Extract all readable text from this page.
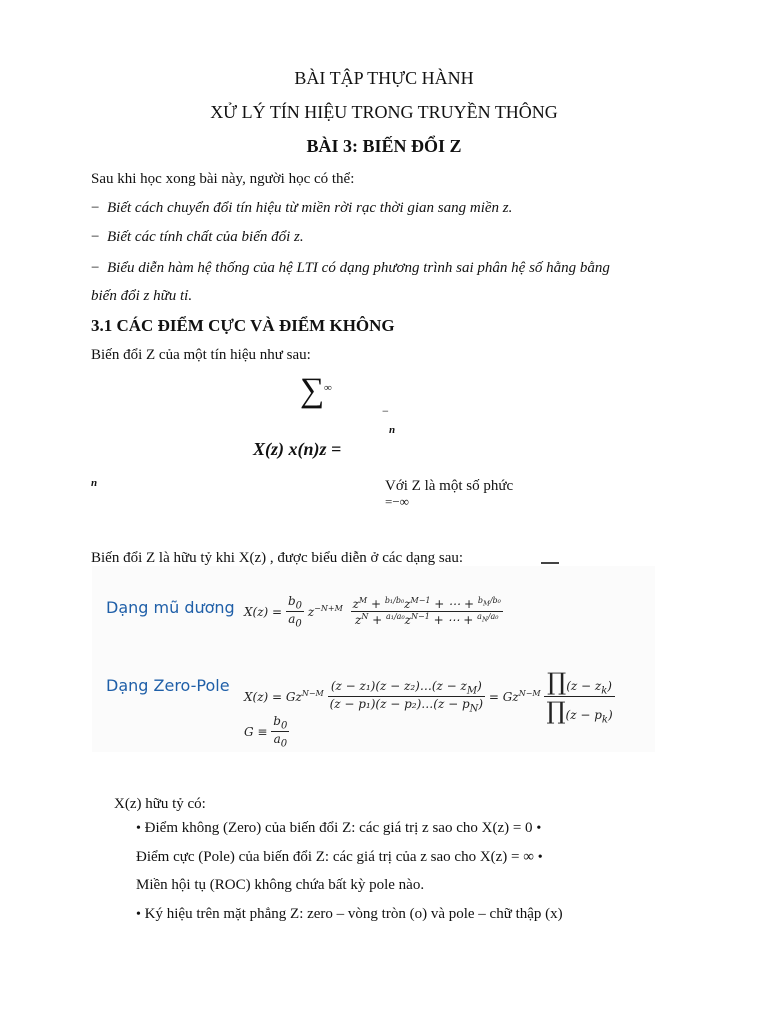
BÀI TẬP THỰC HÀNH
XỬ LÝ TÍN HIỆU TRONG TRUYỀN THÔNG
BÀI 3: BIẾN ĐỔI Z
Sau khi học xong bài này, người học có thể:
− Biết cách chuyển đổi tín hiệu từ miền rời rạc thời gian sang miền z.
− Biết các tính chất của biến đổi z.
− Biểu diễn hàm hệ thống của hệ LTI có dạng phương trình sai phân hệ số hằng bằng
biến đổi z hữu tỉ.
3.1 CÁC ĐIỂM CỰC VÀ ĐIỂM KHÔNG
Biến đổi Z của một tín hiệu như sau:
∑ ∞
−
n
X(z) x(n)z =
n	Với Z là một số phức
=−∞
Biến đổi Z là hữu tỷ khi X(z) , được biểu diễn ở các dạng sau:
Dạng mũ dương $X(z) = \frac{b_0}{a_0} z^{-N+M} \frac{z^M + ^{b_1/b_0}z^{M-1} + \cdots + ^{b_M/b_0}}{z^N + ^{a_1/a_0}z^{N-1} + \cdots + ^{a_N/a_0}}$
Dạng Zero-Pole
$X(z) = Gz^{N-M} \frac{(z - z_1)(z - z_2)\dots(z - z_M)}{(z - p_1)(z - p_2)\dots(z - p_N)} = Gz^{N-M} \frac{\prod(z - z_k)}{\prod(z - p_k)}$
$G \equiv \frac{b_0}{a_0}$
X(z) hữu tỷ có:
• Điểm không (Zero) của biến đổi Z: các giá trị z sao cho X(z) = 0 •
Điểm cực (Pole) của biến đổi Z: các giá trị của z sao cho X(z) = ∞ •
Miền hội tụ (ROC) không chứa bất kỳ pole nào.
• Ký hiệu trên mặt phẳng Z: zero – vòng tròn (o) và pole – chữ thập (x)
